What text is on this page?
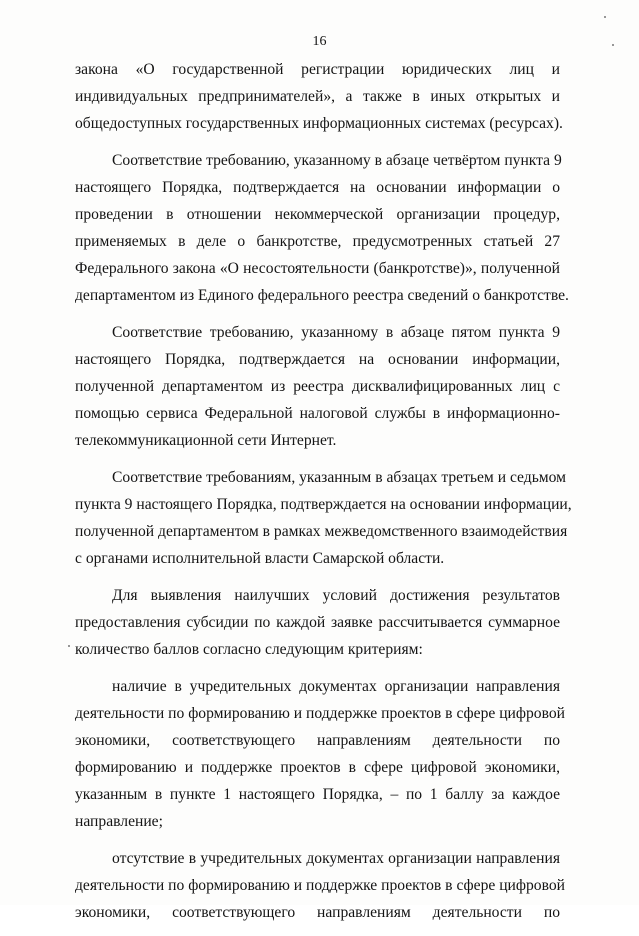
16
закона «О государственной регистрации юридических лиц и
индивидуальных предпринимателей», а также в иных открытых и
общедоступных государственных информационных системах (ресурсах).
Соответствие требованию, указанному в абзаце четвёртом пункта 9
настоящего Порядка, подтверждается на основании информации о
проведении в отношении некоммерческой организации процедур,
применяемых в деле о банкротстве, предусмотренных статьей 27
Федерального закона «О несостоятельности (банкротстве)», полученной
департаментом из Единого федерального реестра сведений о банкротстве.
Соответствие требованию, указанному в абзаце пятом пункта 9
настоящего Порядка, подтверждается на основании информации,
полученной департаментом из реестра дисквалифицированных лиц с
помощью сервиса Федеральной налоговой службы в информационно-
телекоммуникационной сети Интернет.
Соответствие требованиям, указанным в абзацах третьем и седьмом
пункта 9 настоящего Порядка, подтверждается на основании информации,
полученной департаментом в рамках межведомственного взаимодействия
с органами исполнительной власти Самарской области.
Для выявления наилучших условий достижения результатов
предоставления субсидии по каждой заявке рассчитывается суммарное
количество баллов согласно следующим критериям:
наличие в учредительных документах организации направления
деятельности по формированию и поддержке проектов в сфере цифровой
экономики, соответствующего направлениям деятельности по
формированию и поддержке проектов в сфере цифровой экономики,
указанным в пункте 1 настоящего Порядка, – по 1 баллу за каждое
направление;
отсутствие в учредительных документах организации направления
деятельности по формированию и поддержке проектов в сфере цифровой
экономики, соответствующего направлениям деятельности по
